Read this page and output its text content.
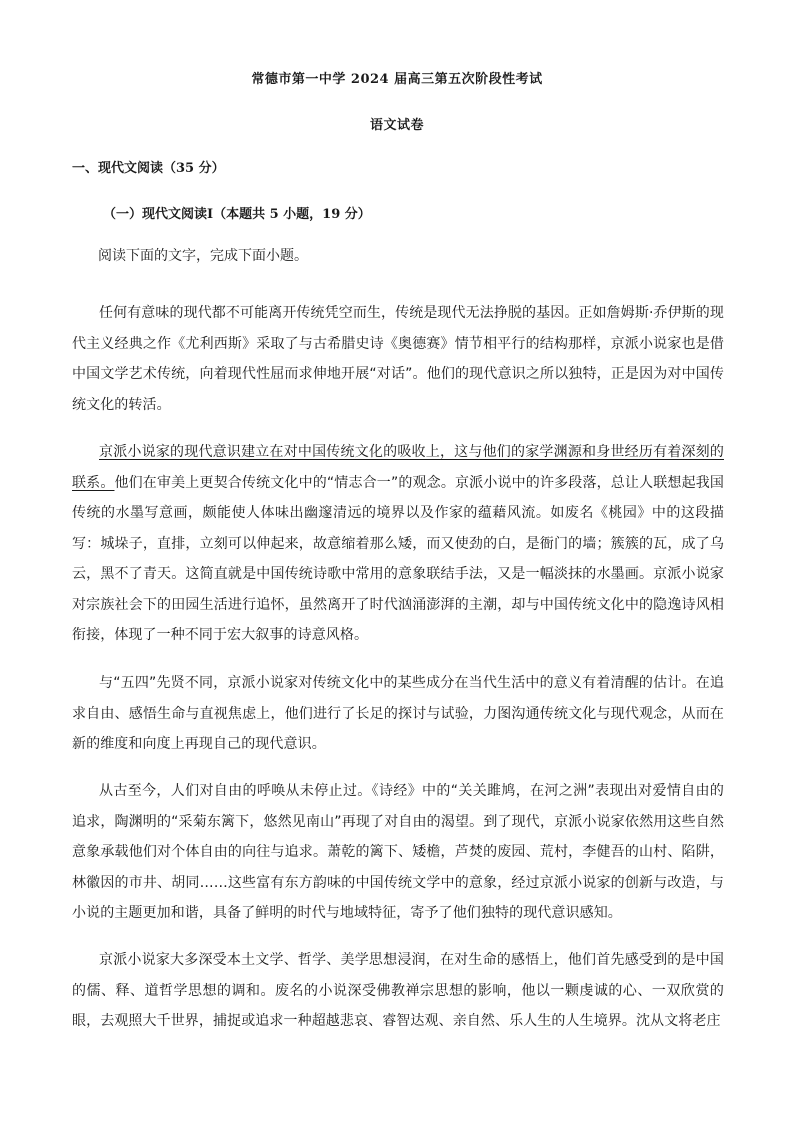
常德市第一中学 2024 届高三第五次阶段性考试
语文试卷
一、现代文阅读（35 分）
（一）现代文阅读Ⅰ（本题共 5 小题，19 分）
阅读下面的文字，完成下面小题。

任何有意味的现代都不可能离开传统凭空而生，传统是现代无法挣脱的基因。正如詹姆斯·乔伊斯的现代主义经典之作《尤利西斯》采取了与古希腊史诗《奥德赛》情节相平行的结构那样，京派小说家也是借中国文学艺术传统，向着现代性屈而求伸地开展“对话”。他们的现代意识之所以独特，正是因为对中国传统文化的转活。

京派小说家的现代意识建立在对中国传统文化的吸收上，这与他们的家学渊源和身世经历有着深刻的联系。他们在审美上更契合传统文化中的“情志合一”的观念。京派小说中的许多段落，总让人联想起我国传统的水墨写意画，颇能使人体味出幽邃清远的境界以及作家的蕴藉风流。如废名《桃园》中的这段描写：城垛子，直排，立刻可以伸起来，故意缩着那么矮，而又使劲的白，是衙门的墙；簇簇的瓦，成了乌云，黑不了青天。这简直就是中国传统诗歌中常用的意象联结手法，又是一幅淡抹的水墨画。京派小说家对宗族社会下的田园生活进行追怀，虽然离开了时代汹涌澎湃的主潮，却与中国传统文化中的隐逸诗风相衔接，体现了一种不同于宏大叙事的诗意风格。

与“五四”先贤不同，京派小说家对传统文化中的某些成分在当代生活中的意义有着清醒的估计。在追求自由、感悟生命与直视焦虑上，他们进行了长足的探讨与试验，力图沟通传统文化与现代观念，从而在新的维度和向度上再现自己的现代意识。

从古至今，人们对自由的呼唤从未停止过。《诗经》中的“关关雎鸠，在河之洲”表现出对爱情自由的追求，陶渊明的“采菊东篱下，悠然见南山”再现了对自由的渴望。到了现代，京派小说家依然用这些自然意象承载他们对个体自由的向往与追求。萧乾的篱下、矮檐，芦焚的废园、荒村，李健吾的山村、陷阱，林徽因的市井、胡同……这些富有东方韵味的中国传统文学中的意象，经过京派小说家的创新与改造，与小说的主题更加和谐，具备了鲜明的时代与地域特征，寄予了他们独特的现代意识感知。

京派小说家大多深受本土文学、哲学、美学思想浸润，在对生命的感悟上，他们首先感受到的是中国的儒、释、道哲学思想的调和。废名的小说深受佛教禅宗思想的影响，他以一颗虔诚的心、一双欣赏的眼，去观照大千世界，捕捉或追求一种超越悲哀、睿智达观、亲自然、乐人生的人生境界。沈从文将老庄
